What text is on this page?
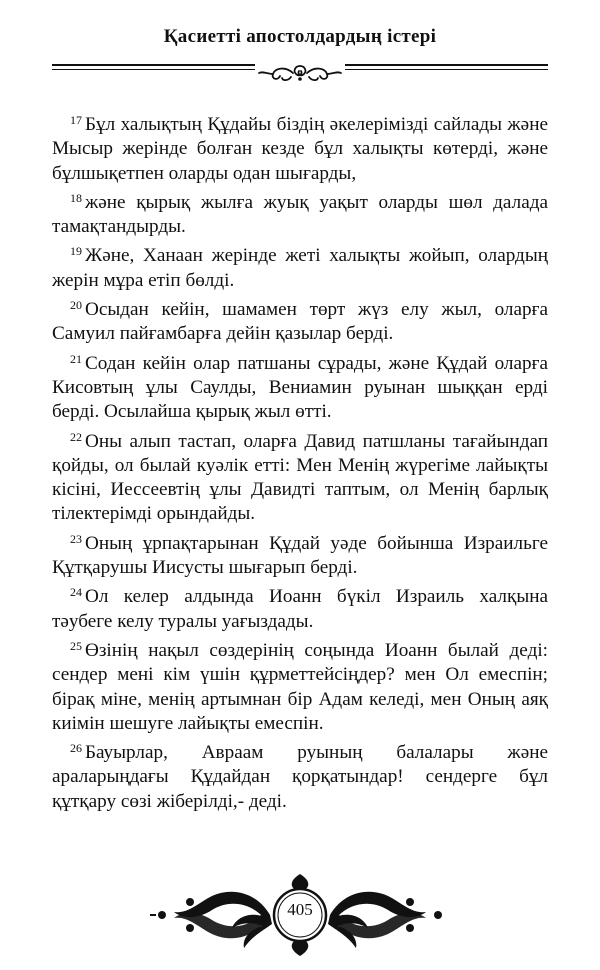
Қасиетті апостолдардың істері

$^{17}$ Бұл халықтың Құдайы біздің әкелерімізді сайлады және Мысыр жерінде болған кезде бұл халықты көтерді, және бұлшықетпен оларды одан шығарды,

$^{18}$ және қырық жылға жуық уақыт оларды шөл далада тамақтандырды.

$^{19}$ Және, Ханаан жерінде жеті халықты жойып, олардың жерін мұра етіп бөлді.

$^{20}$ Осыдан кейін, шамамен төрт жүз елу жыл, оларға Самуил пайғамбарға дейін қазылар берді.

$^{21}$ Содан кейін олар патшаны сұрады, және Құдай оларға Кисовтың ұлы Саулды, Вениамин руынан шыққан ерді берді. Осылайша қырық жыл өтті.

$^{22}$ Оны алып тастап, оларға Давид патшланы тағайындап қойды, ол былай куәлік етті: Мен Менің жүрегіме лайықты кісіні, Иессеевтің ұлы Давидті таптым, ол Менің барлық тілектерімді орындайды.

$^{23}$ Оның ұрпақтарынан Құдай уәде бойынша Израильге Құтқарушы Иисусты шығарып берді.

$^{24}$ Ол келер алдында Иоанн бүкіл Израиль халқына тәубеге келу туралы уағыздады.

$^{25}$ Өзінің нақыл сөздерінің соңында Иоанн былай деді: сендер мені кім үшін құрметтейсіңдер? мен Ол емеспін; бірақ міне, менің артымнан бір Адам келеді, мен Оның аяқ киімін шешуге лайықты емеспін.

$^{26}$ Бауырлар, Авраам руының балалары және араларыңдағы Құдайдан қорқатындар! сендерге бұл құтқару сөзі жіберілді,- деді.

405
